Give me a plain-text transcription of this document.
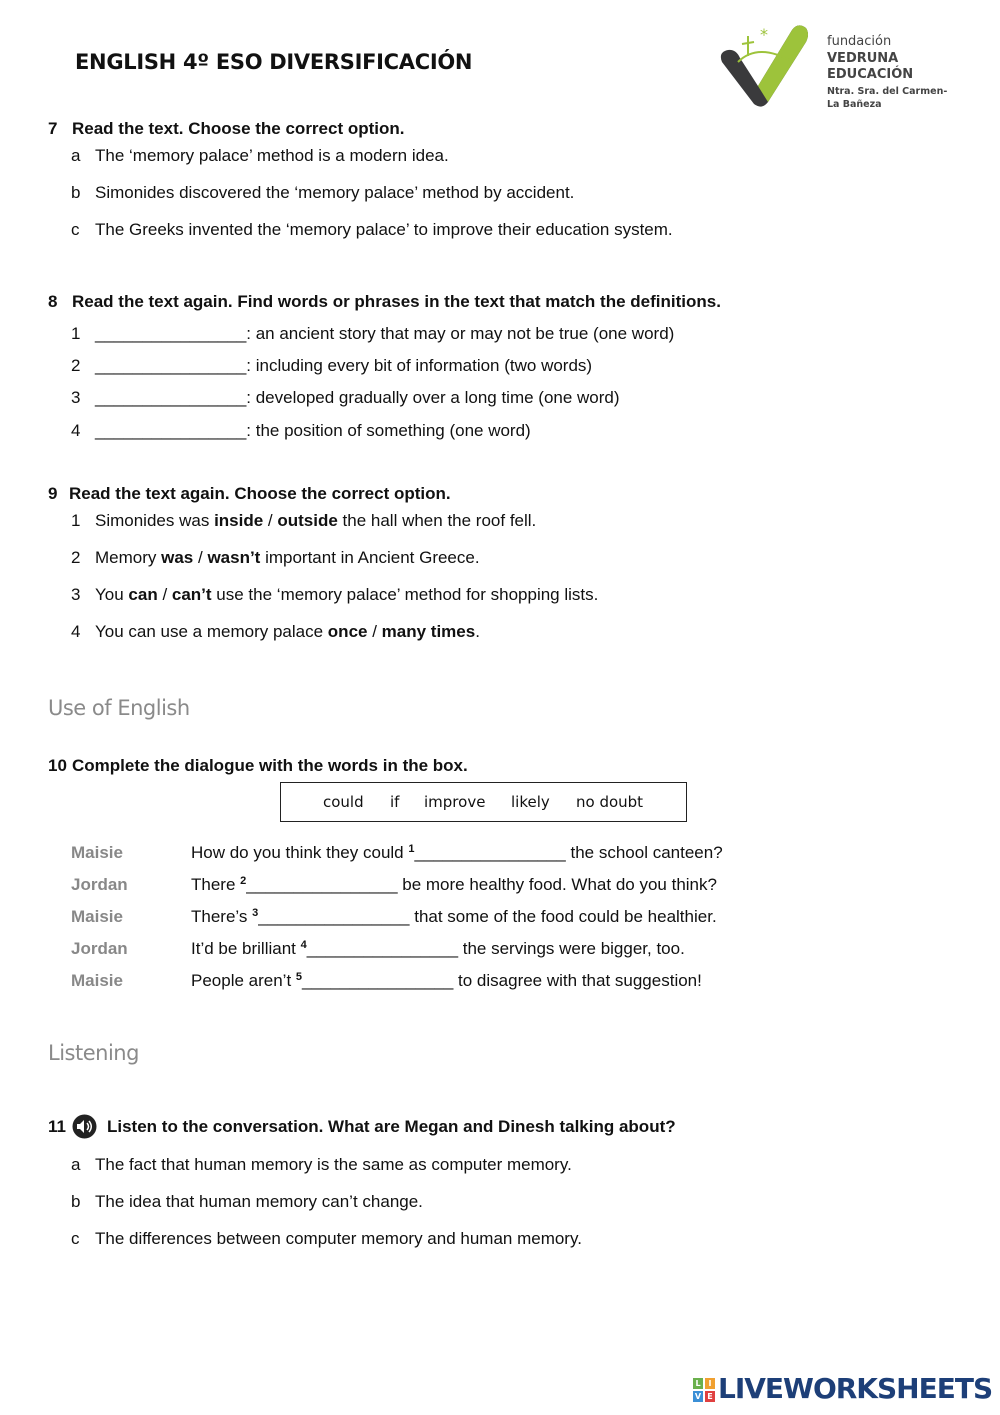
ENGLISH 4º ESO DIVERSIFICACIÓN
*	fundación
VEDRUNA
EDUCACIÓN
Ntra. Sra. del Carmen-
La Bañeza
7 Read the text. Choose the correct option.
a The ‘memory palace’ method is a modern idea.
b Simonides discovered the ‘memory palace’ method by accident.
c The Greeks invented the ‘memory palace’ to improve their education system.
8 Read the text again. Find words or phrases in the text that match the definitions.
1 ________________: an ancient story that may or may not be true (one word)
2 ________________: including every bit of information (two words)
3 ________________: developed gradually over a long time (one word)
4 ________________: the position of something (one word)
9 Read the text again. Choose the correct option.
1 Simonides was inside / outside the hall when the roof fell.
2 Memory was / wasn’t important in Ancient Greece.
3 You can / can’t use the ‘memory palace’ method for shopping lists.
4 You can use a memory palace once / many times.
Use of English
10 Complete the dialogue with the words in the box.
could if improve likely no doubt
Maisie	How do you think they could $^1$________________ the school canteen?
Jordan	There $^2$________________ be more healthy food. What do you think?
Maisie	There’s $^3$________________ that some of the food could be healthier.
Jordan	It’d be brilliant $^4$________________ the servings were bigger, too.
Maisie	People aren’t $^5$________________ to disagree with that suggestion!
Listening
11 Listen to the conversation. What are Megan and Dinesh talking about?
a The fact that human memory is the same as computer memory.
b The idea that human memory can’t change.
c The differences between computer memory and human memory.
L I
V E LIVEWORKSHEETS
